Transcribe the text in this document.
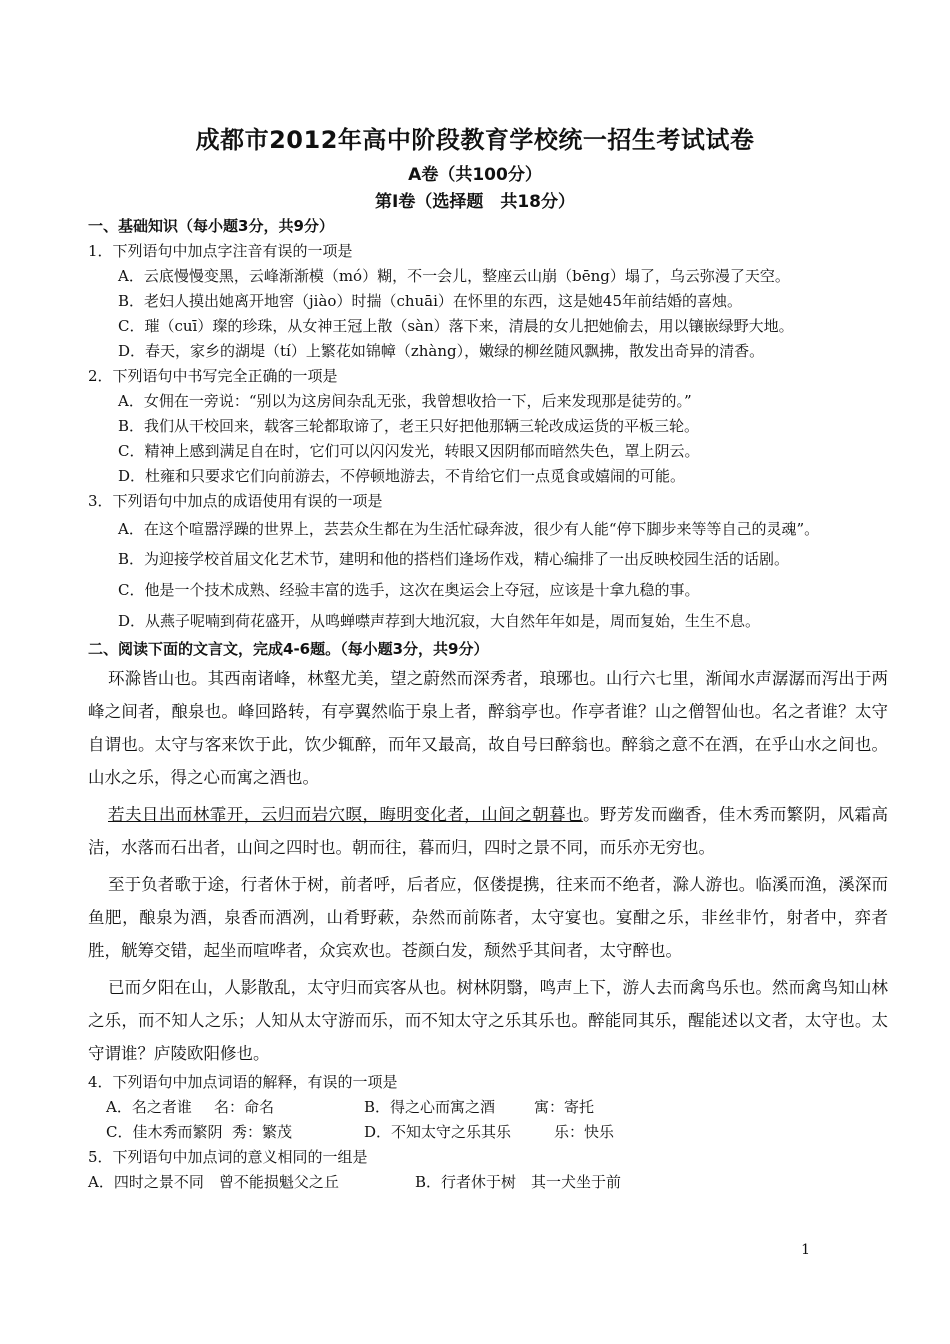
成都市2012年高中阶段教育学校统一招生考试试卷
A卷（共100分）
第Ⅰ卷（选择题　共18分）
一、基础知识（每小题3分，共9分）
1．下列语句中加点字注音有误的一项是
A．云底慢慢变黑，云峰渐渐模（mó）糊，不一会儿，整座云山崩（bēng）塌了，乌云弥漫了天空。
B．老妇人摸出她离开地窖（jiào）时揣（chuāi）在怀里的东西，这是她45年前结婚的喜烛。
C．璀（cuī）璨的珍珠，从女神王冠上散（sàn）落下来，清晨的女儿把她偷去，用以镶嵌绿野大地。
D．春天，家乡的湖堤（tí）上繁花如锦幛（zhàng），嫩绿的柳丝随风飘拂，散发出奇异的清香。
2．下列语句中书写完全正确的一项是
A．女佣在一旁说：“别以为这房间杂乱无张，我曾想收拾一下，后来发现那是徒劳的。”
B．我们从干校回来，载客三轮都取谛了，老王只好把他那辆三轮改成运货的平板三轮。
C．精神上感到满足自在时，它们可以闪闪发光，转眼又因阴郁而暗然失色，罩上阴云。
D．杜雍和只要求它们向前游去，不停顿地游去，不肯给它们一点觅食或嬉闹的可能。
3．下列语句中加点的成语使用有误的一项是
A．在这个喧嚣浮躁的世界上，芸芸众生都在为生活忙碌奔波，很少有人能“停下脚步来等等自己的灵魂”。
B．为迎接学校首届文化艺术节，建明和他的搭档们逢场作戏，精心编排了一出反映校园生活的话剧。
C．他是一个技术成熟、经验丰富的选手，这次在奥运会上夺冠，应该是十拿九稳的事。
D．从燕子呢喃到荷花盛开，从鸣蝉噤声荐到大地沉寂，大自然年年如是，周而复始，生生不息。
二、阅读下面的文言文，完成4-6题。（每小题3分，共9分）

环滁皆山也。其西南诸峰，林壑尤美，望之蔚然而深秀者，琅琊也。山行六七里，渐闻水声潺潺而泻出于两峰之间者，酿泉也。峰回路转，有亭翼然临于泉上者，醉翁亭也。作亭者谁？山之僧智仙也。名之者谁？太守自谓也。太守与客来饮于此，饮少辄醉，而年又最高，故自号曰醉翁也。醉翁之意不在酒，在乎山水之间也。山水之乐，得之心而寓之酒也。

若夫日出而林霏开，云归而岩穴暝，晦明变化者，山间之朝暮也。野芳发而幽香，佳木秀而繁阴，风霜高洁，水落而石出者，山间之四时也。朝而往，暮而归，四时之景不同，而乐亦无穷也。

至于负者歌于途，行者休于树，前者呼，后者应，伛偻提携，往来而不绝者，滁人游也。临溪而渔，溪深而鱼肥，酿泉为酒，泉香而酒冽，山肴野蔌，杂然而前陈者，太守宴也。宴酣之乐，非丝非竹，射者中，弈者胜，觥筹交错，起坐而喧哗者，众宾欢也。苍颜白发，颓然乎其间者，太守醉也。

已而夕阳在山，人影散乱，太守归而宾客从也。树林阴翳，鸣声上下，游人去而禽鸟乐也。然而禽鸟知山林之乐，而不知人之乐；人知从太守游而乐，而不知太守之乐其乐也。醉能同其乐，醒能述以文者，太守也。太守谓谁？庐陵欧阳修也。

4．下列语句中加点词语的解释，有误的一项是
A．名之者谁	名：命名	B．得之心而寓之酒	寓：寄托
C．佳木秀而繁阴 秀：繁茂	D．不知太守之乐其乐	乐：快乐
5．下列语句中加点词的意义相同的一组是
A．四时之景不同　曾不能损魁父之丘	B．行者休于树　其一犬坐于前
1
